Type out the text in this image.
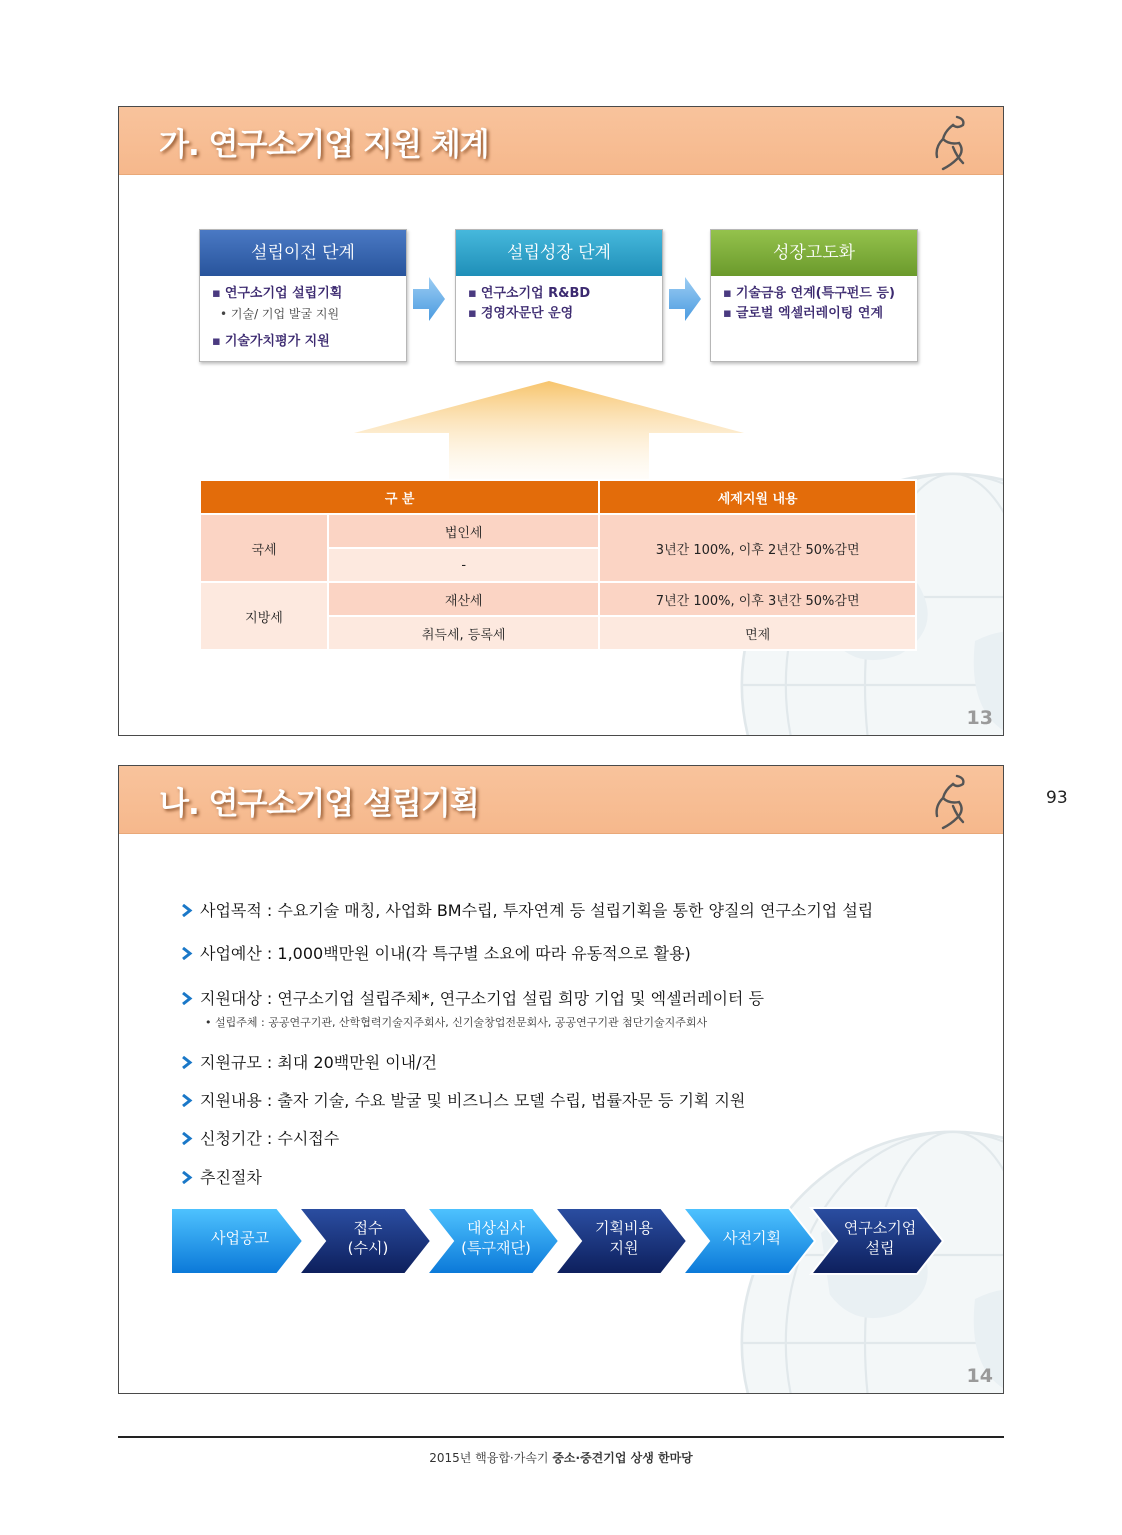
가. 연구소기업 지원 체계
설립이전 단계
▪ 연구소기업 설립기획
• 기술/ 기업 발굴 지원
▪ 기술가치평가 지원
설립성장 단계
▪ 연구소기업 R&BD
▪ 경영자문단 운영
성장고도화
▪ 기술금융 연계(특구펀드 등)
▪ 글로벌 엑셀러레이팅 연계
구 분		세제지원 내용
국세	법인세	3년간 100%, 이후 2년간 50%감면
	-	
지방세	재산세	7년간 100%, 이후 3년간 50%감면
	취득세, 등록세	면제
13
93
나. 연구소기업 설립기획
사업목적 : 수요기술 매칭, 사업화 BM수립, 투자연계 등 설립기획을 통한 양질의 연구소기업 설립
사업예산 : 1,000백만원 이내(각 특구별 소요에 따라 유동적으로 활용)
지원대상 : 연구소기업 설립주체*, 연구소기업 설립 희망 기업 및 엑셀러레이터 등
• 설립주체 : 공공연구기관, 산학협력기술지주회사, 신기술창업전문회사, 공공연구기관 첨단기술지주회사
지원규모 : 최대 20백만원 이내/건
지원내용 : 출자 기술, 수요 발굴 및 비즈니스 모델 수립, 법률자문 등 기획 지원
신청기간 : 수시접수
추진절차
14
사업공고
접수
(수시)
대상심사
(특구재단)
기획비용
지원
사전기획
연구소기업
설립
2015년 핵융합·가속기 중소·중견기업 상생 한마당
